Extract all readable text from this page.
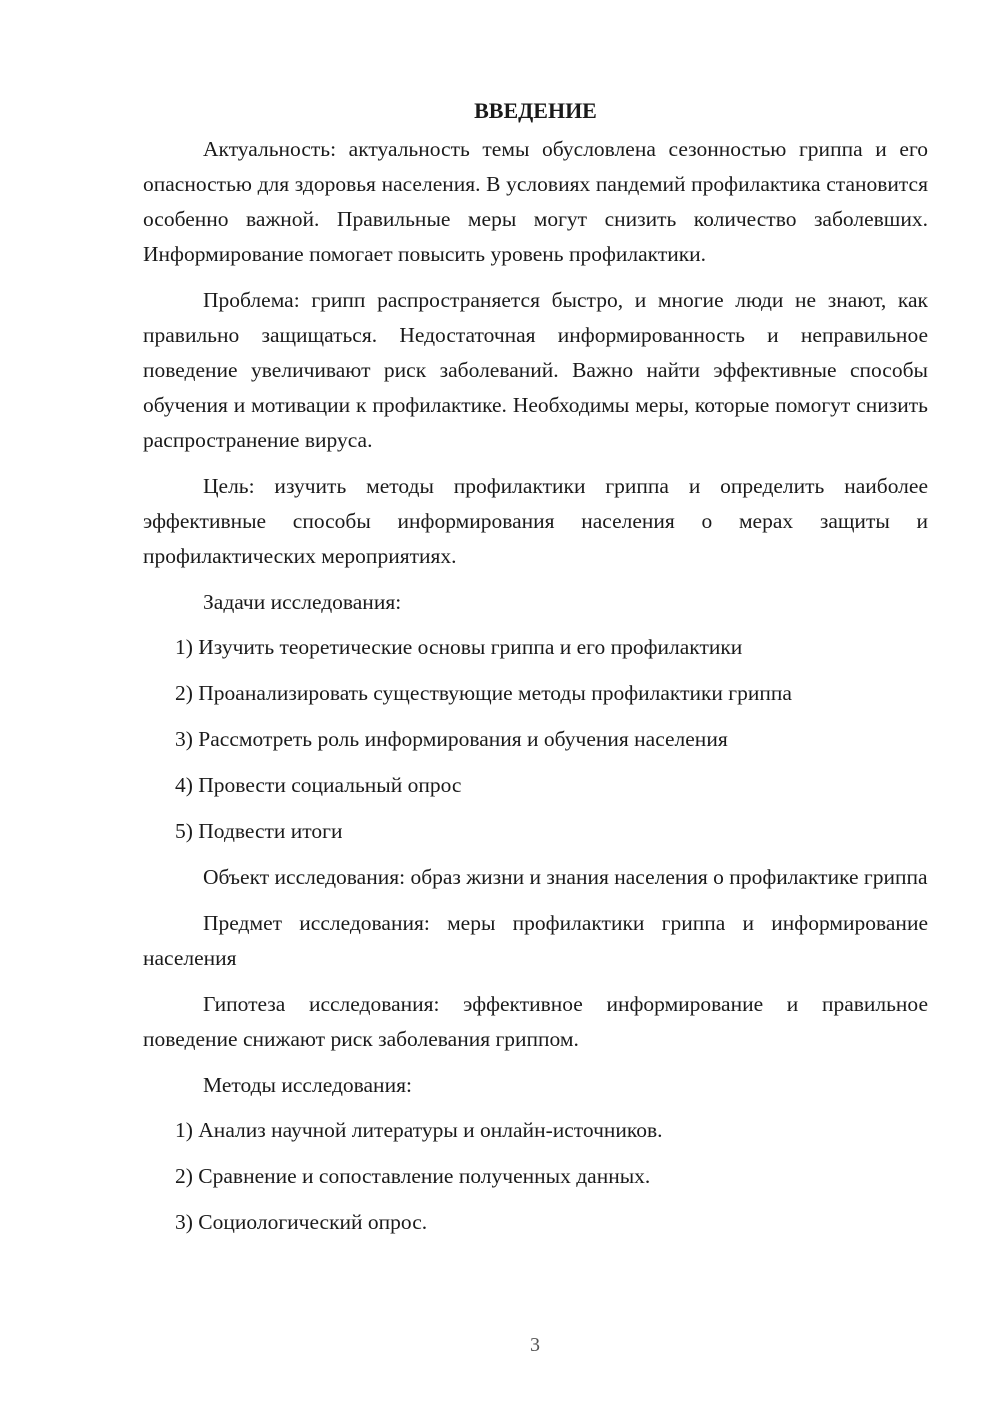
ВВЕДЕНИЕ

Актуальность: актуальность темы обусловлена сезонностью гриппа и его опасностью для здоровья населения. В условиях пандемий профилактика становится особенно важной. Правильные меры могут снизить количество заболевших. Информирование помогает повысить уровень профилактики.

Проблема: грипп распространяется быстро, и многие люди не знают, как правильно защищаться. Недостаточная информированность и неправильное поведение увеличивают риск заболеваний. Важно найти эффективные способы обучения и мотивации к профилактике. Необходимы меры, которые помогут снизить распространение вируса.

Цель: изучить методы профилактики гриппа и определить наиболее эффективные способы информирования населения о мерах защиты и профилактических мероприятиях.

Задачи исследования:

1) Изучить теоретические основы гриппа и его профилактики
2) Проанализировать существующие методы профилактики гриппа
3) Рассмотреть роль информирования и обучения населения
4) Провести социальный опрос
5) Подвести итоги

Объект исследования: образ жизни и знания населения о профилактике гриппа

Предмет исследования: меры профилактики гриппа и информирование населения

Гипотеза исследования: эффективное информирование и правильное поведение снижают риск заболевания гриппом.

Методы исследования:

1) Анализ научной литературы и онлайн-источников.
2) Сравнение и сопоставление полученных данных.
3) Социологический опрос.
3
